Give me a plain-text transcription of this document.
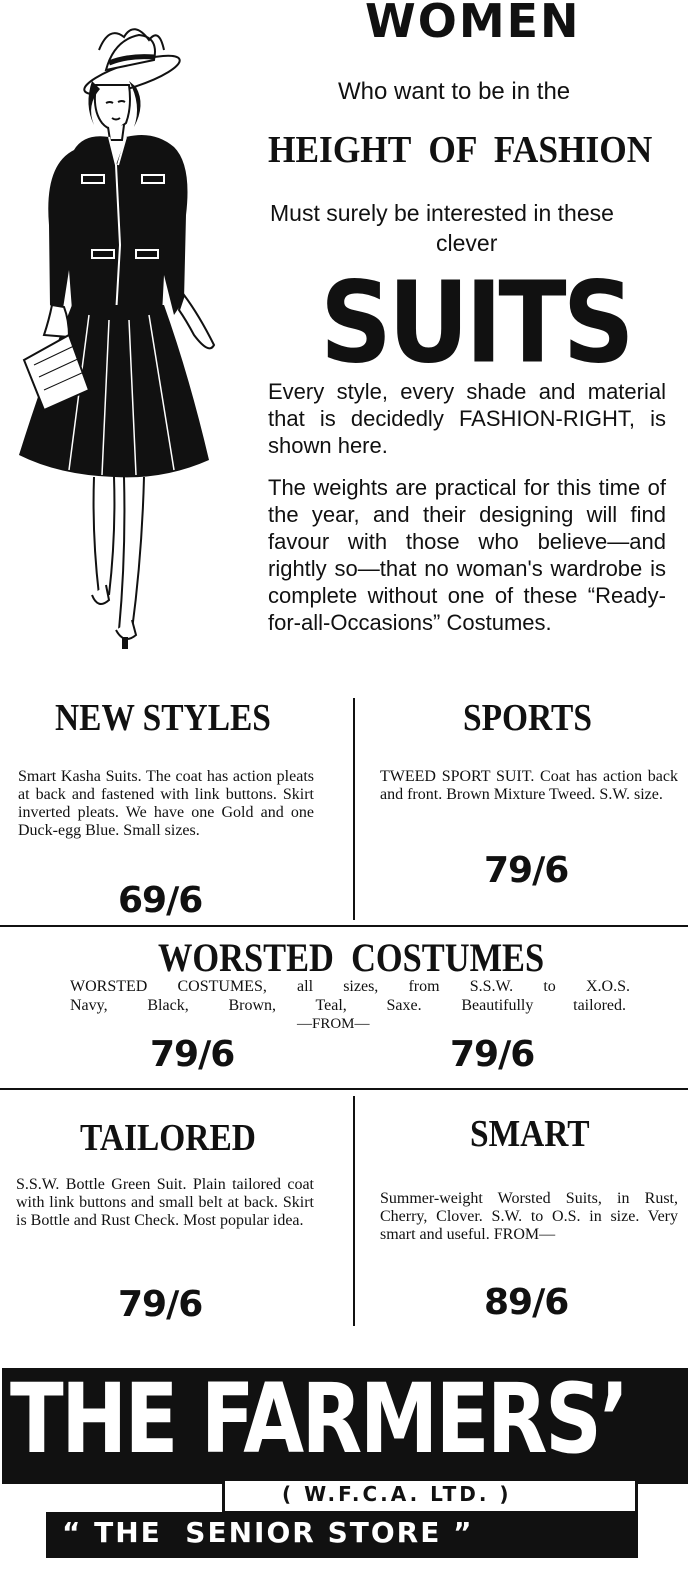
WOMEN
Who want to be in the
HEIGHT  OF  FASHION
Must surely be interested in these
clever
SUITS
Every style, every shade and material that is decidedly FASHION-RIGHT, is shown here.
The weights are practical for this time of the year, and their designing will find favour with those who believe—and rightly so—that no woman's wardrobe is complete without one of these “Ready-for-all-Occasions” Costumes.
NEW STYLES
Smart Kasha Suits. The coat has action pleats at back and fastened with link buttons. Skirt inverted pleats. We have one Gold and one Duck-egg Blue. Small sizes.
69/6
SPORTS
TWEED SPORT SUIT. Coat has action back and front. Brown Mixture Tweed. S.W. size.
79/6
WORSTED  COSTUMES
WORSTED COSTUMES, all sizes, from S.S.W. to X.O.S.
Navy, Black, Brown, Teal, Saxe. Beautifully tailored.
—FROM—
79/6	79/6
TAILORED
S.S.W. Bottle Green Suit. Plain tailored coat with link buttons and small belt at back. Skirt is Bottle and Rust Check. Most popular idea.
79/6
SMART
Summer-weight Worsted Suits, in Rust, Cherry, Clover. S.W. to O.S. in size. Very smart and useful. FROM—
89/6
THE FARMERS’
( W.F.C.A. LTD. )
“ THE  SENIOR STORE ”
